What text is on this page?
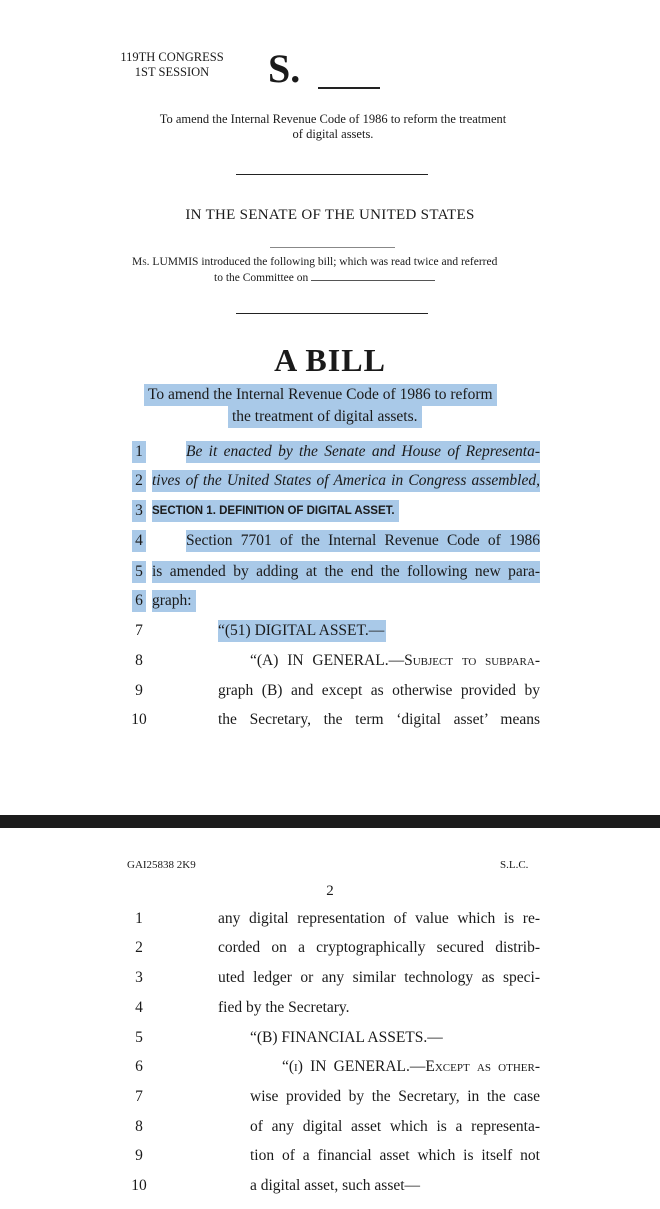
119TH CONGRESS
1ST SESSION	S.
To amend the Internal Revenue Code of 1986 to reform the treatment
of digital assets.
IN THE SENATE OF THE UNITED STATES
Ms. LUMMIS introduced the following bill; which was read twice and referred
to the Committee on
A BILL
To amend the Internal Revenue Code of 1986 to reform
the treatment of digital assets.
1	Be it enacted by the Senate and House of Representa-
2 tives of the United States of America in Congress assembled,
3 SECTION 1. DEFINITION OF DIGITAL ASSET.
4	Section 7701 of the Internal Revenue Code of 1986
5 is amended by adding at the end the following new para-
6 graph:
7	“(51) DIGITAL ASSET.—
8	“(A) IN GENERAL.—Subject to subpara-
9	graph (B) and except as otherwise provided by
10	the Secretary, the term ‘digital asset’ means
GAI25838 2K9	S.L.C.
2
1	any digital representation of value which is re-
2	corded on a cryptographically secured distrib-
3	uted ledger or any similar technology as speci-
4	fied by the Secretary.
5	“(B) FINANCIAL ASSETS.—
6	“(i) IN GENERAL.—Except as other-
7	wise provided by the Secretary, in the case
8	of any digital asset which is a representa-
9	tion of a financial asset which is itself not
10	a digital asset, such asset—
